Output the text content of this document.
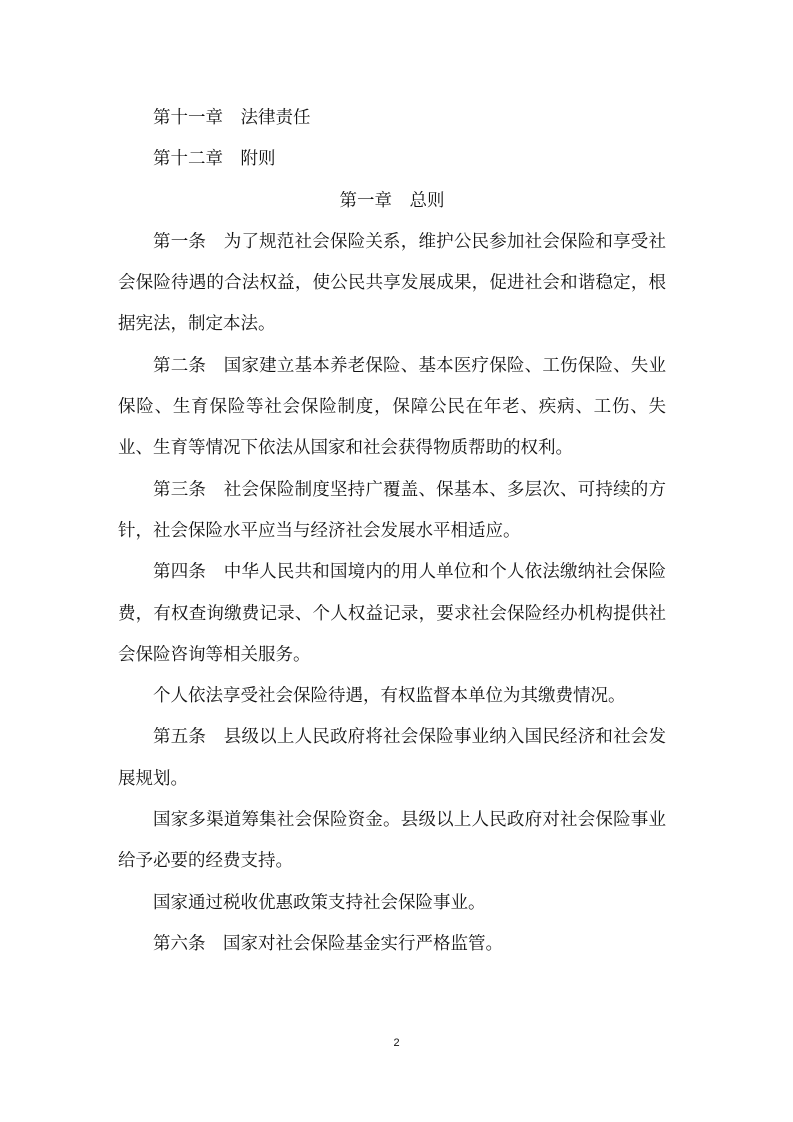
第十一章　法律责任

第十二章　附则

第一章　总则

第一条　为了规范社会保险关系，维护公民参加社会保险和享受社会保险待遇的合法权益，使公民共享发展成果，促进社会和谐稳定，根据宪法，制定本法。

第二条　国家建立基本养老保险、基本医疗保险、工伤保险、失业保险、生育保险等社会保险制度，保障公民在年老、疾病、工伤、失业、生育等情况下依法从国家和社会获得物质帮助的权利。

第三条　社会保险制度坚持广覆盖、保基本、多层次、可持续的方针，社会保险水平应当与经济社会发展水平相适应。

第四条　中华人民共和国境内的用人单位和个人依法缴纳社会保险费，有权查询缴费记录、个人权益记录，要求社会保险经办机构提供社会保险咨询等相关服务。

个人依法享受社会保险待遇，有权监督本单位为其缴费情况。

第五条　县级以上人民政府将社会保险事业纳入国民经济和社会发展规划。

国家多渠道筹集社会保险资金。县级以上人民政府对社会保险事业给予必要的经费支持。

国家通过税收优惠政策支持社会保险事业。

第六条　国家对社会保险基金实行严格监管。

2
